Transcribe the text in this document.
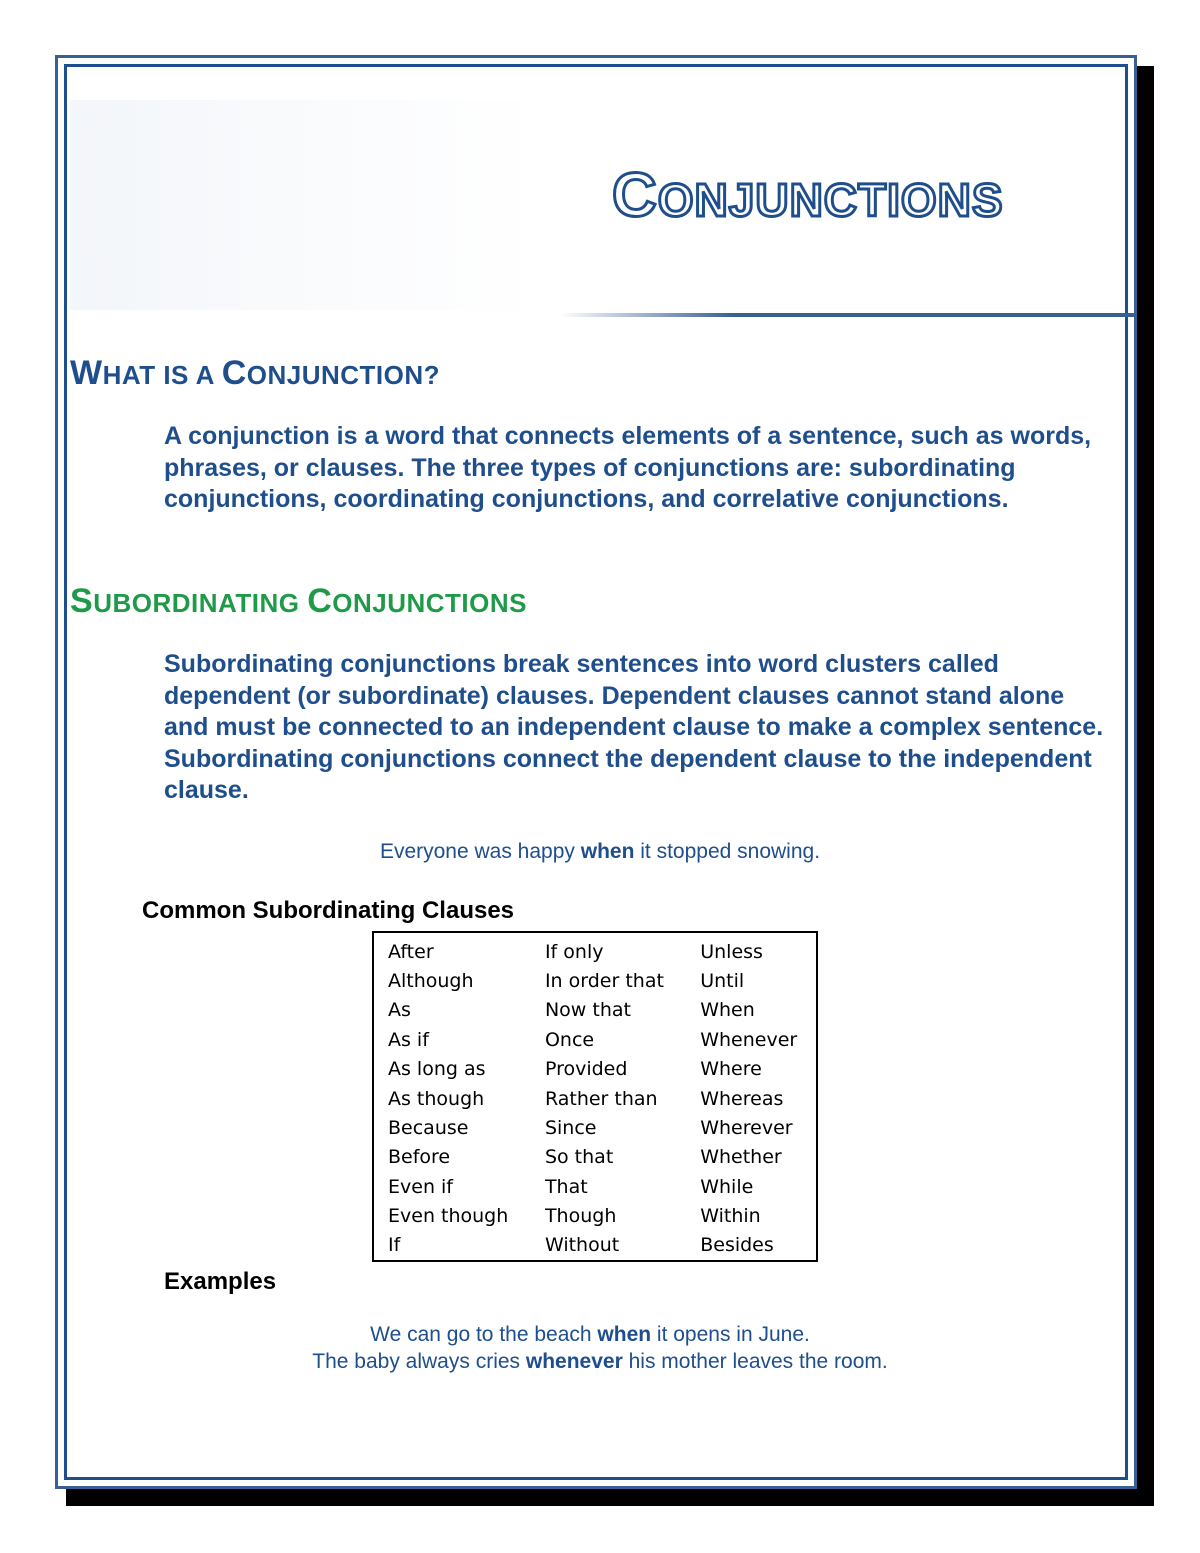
CONJUNCTIONS
WHAT IS A CONJUNCTION?

A conjunction is a word that connects elements of a sentence, such as words, phrases, or clauses. The three types of conjunctions are: subordinating conjunctions, coordinating conjunctions, and correlative conjunctions.

SUBORDINATING CONJUNCTIONS

Subordinating conjunctions break sentences into word clusters called dependent (or subordinate) clauses. Dependent clauses cannot stand alone and must be connected to an independent clause to make a complex sentence. Subordinating conjunctions connect the dependent clause to the independent clause.

Everyone was happy when it stopped snowing.

Common Subordinating Clauses

After	If only	Unless
Although	In order that	Until
As	Now that	When
As if	Once	Whenever
As long as	Provided	Where
As though	Rather than	Whereas
Because	Since	Wherever
Before	So that	Whether
Even if	That	While
Even though	Though	Within
If	Without	Besides

Examples

We can go to the beach when it opens in June.

The baby always cries whenever his mother leaves the room.
